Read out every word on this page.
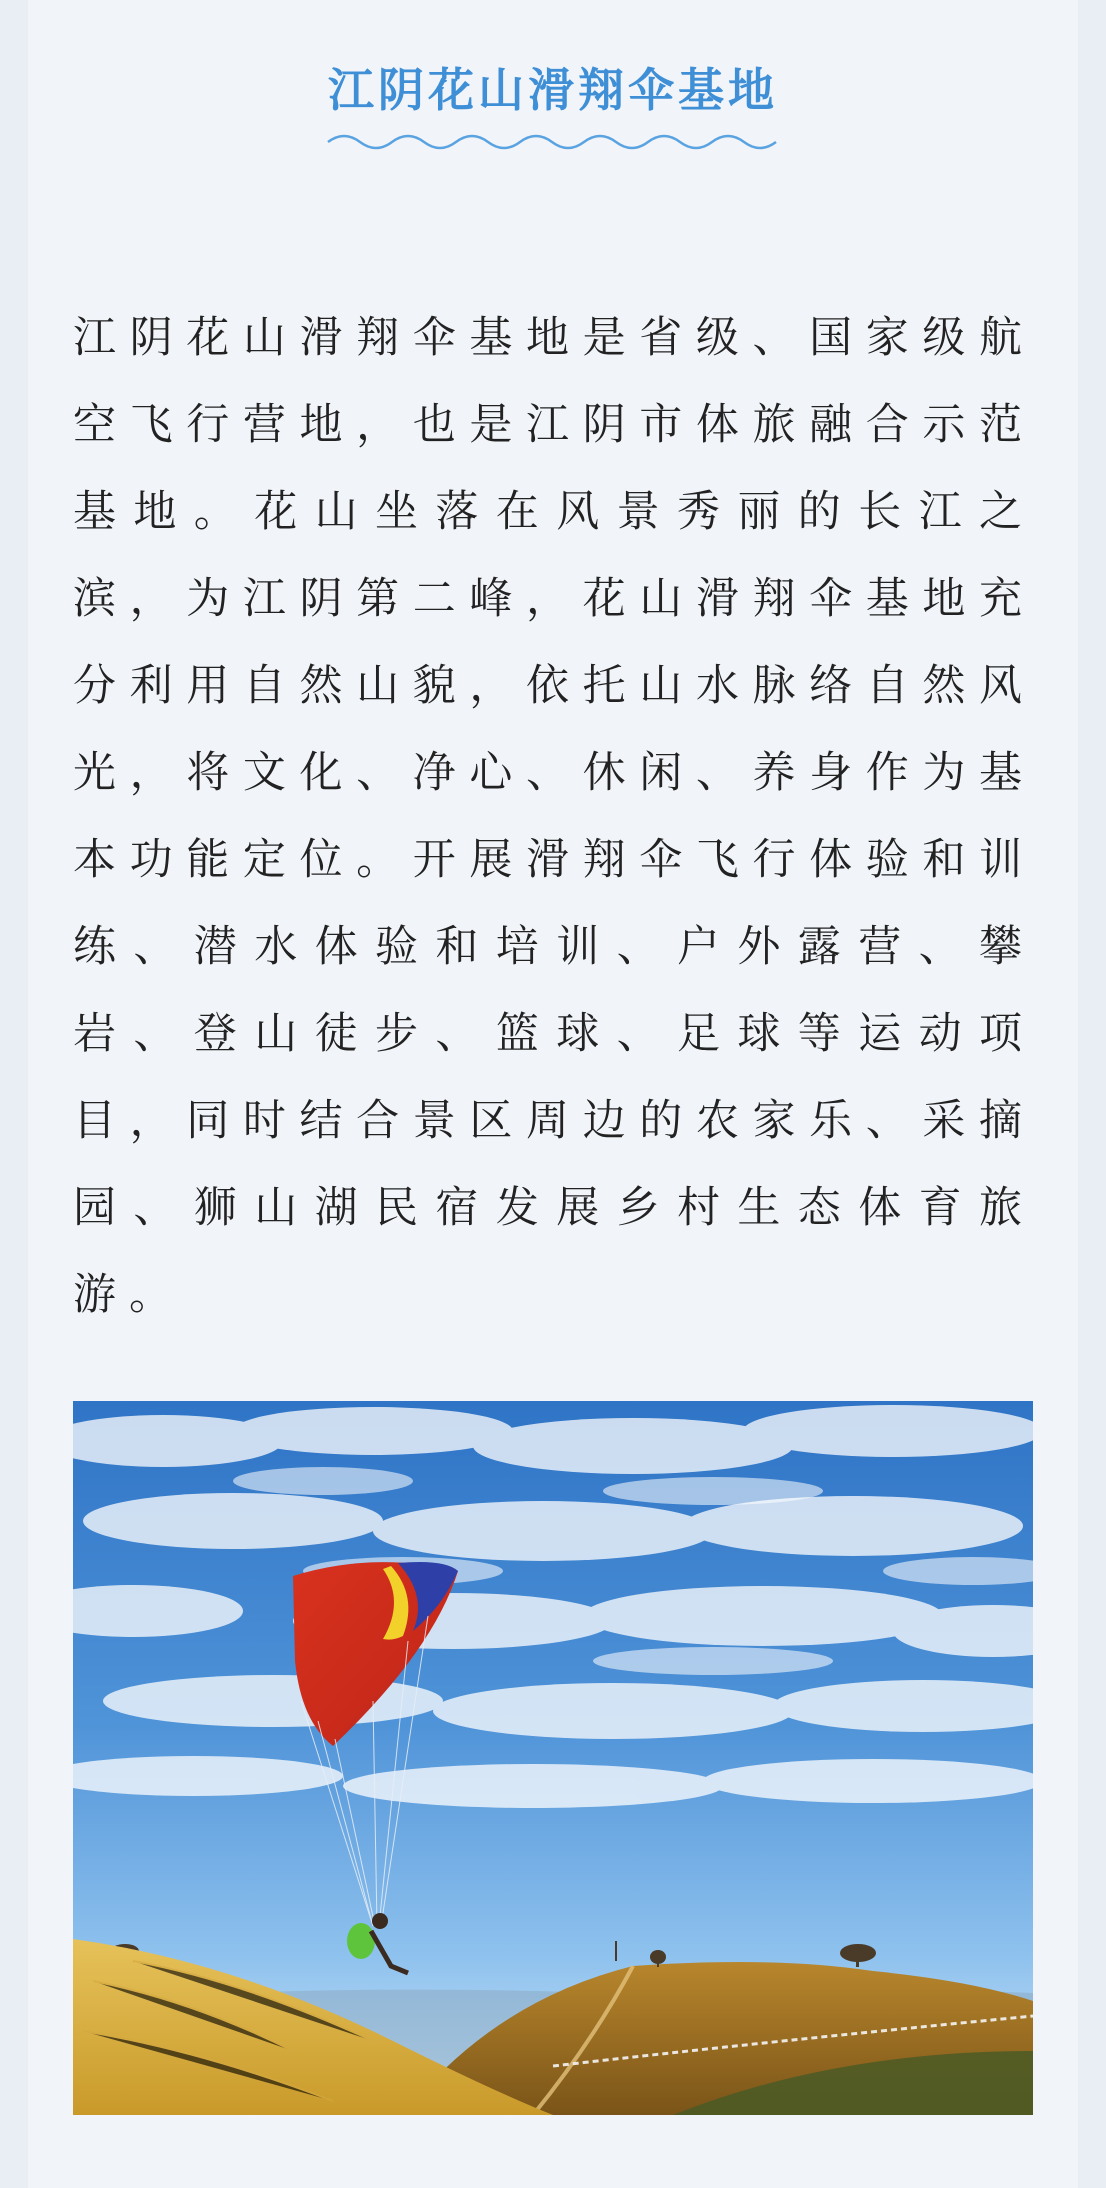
江阴花山滑翔伞基地

江阴花山滑翔伞基地是省级、国家级航空飞行营地，也是江阴市体旅融合示范基地。花山坐落在风景秀丽的长江之滨，为江阴第二峰，花山滑翔伞基地充分利用自然山貌，依托山水脉络自然风光，将文化、净心、休闲、养身作为基本功能定位。开展滑翔伞飞行体验和训练、潜水体验和培训、户外露营、攀岩、登山徒步、篮球、足球等运动项目，同时结合景区周边的农家乐、采摘园、狮山湖民宿发展乡村生态体育旅游。
